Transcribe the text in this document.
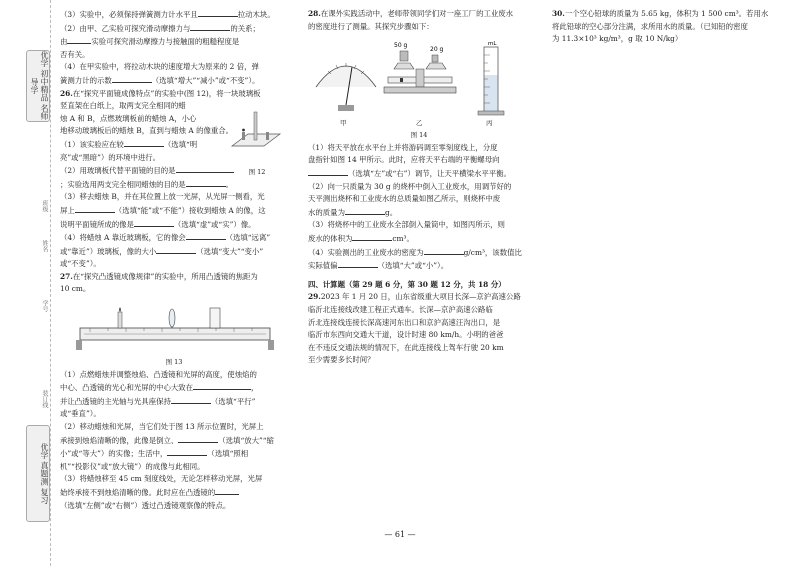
优学 初中精品 名师导学
班级
姓名
学号
装订线
优学 真题测 复习

（3）实验中，必须保持弹簧测力计水平且	拉动木块。

（2）由甲、乙实验可探究滑动摩擦力与	的关系；

由	实验可探究滑动摩擦力与接触面的粗糙程度是

否有关。

（4）在甲实验中，将拉动木块的速度增大为原来的 2 倍，弹

簧测力计的示数	（选填“增大”“减小”或“不变”）。

26.在“探究平面镜成像特点”的实验中(图 12)，将一块玻璃板

竖直架在白纸上，取两支完全相同的蜡

烛 A 和 B，点燃玻璃板前的蜡烛 A，小心

地移动玻璃板后的蜡烛 B，直到与蜡烛 A 的像重合。

（1）该实验应在较	（选填“明

亮”或“黑暗”）的环境中进行。

图 12

（2）用玻璃板代替平面镜的目的是

；实验选用两支完全相同蜡烛的目的是	。

（3）移去蜡烛 B，并在其位置上放一光屏，从光屏一侧看，光

屏上	（选填“能”或“不能”）接收到蜡烛 A 的像，这

说明平面镜所成的像是	（选填“虚”或“实”）像。

（4）将蜡烛 A 靠近玻璃板，它的像会	（选填“远离”

或“靠近”）玻璃板，像的大小	（选填“变大”“变小”

或“不变”）。

27.在“探究凸透镜成像规律”的实验中，所用凸透镜的焦距为

10 cm。

图 13

（1）点燃蜡烛并调整烛焰、凸透镜和光屏的高度，使烛焰的

中心、凸透镜的光心和光屏的中心大致在	，

并让凸透镜的主光轴与光具座保持	（选填“平行”

或“垂直”）。

（2）移动蜡烛和光屏，当它们处于图 13 所示位置时，光屏上

承接到烛焰清晰的像，此像是倒立、	（选填“放大”“缩

小”或“等大”）的实像；生活中，	（选填“照相

机”“投影仪”或“放大镜”）的成像与此相同。

（3）将蜡烛移至 45 cm 刻度线处，无论怎样移动光屏，光屏

始终承接不到烛焰清晰的像。此时应在凸透镜的

（选填“左侧”或“右侧”）透过凸透镜观察像的特点。

28.在课外实践活动中，老师带领同学们对一座工厂的工业废水

的密度进行了测量。其探究步骤如下：

50 g
20 g
mL
甲	乙	丙

图 14

（1）将天平放在水平台上并将游码调至零刻度线上，分度

盘指针如图 14 甲所示。此时，应将天平右端的平衡螺母向

（选填“左”或“右”）调节，让天平横梁水平平衡。

（2）向一只质量为 30 g 的烧杯中倒入工业废水，用调节好的

天平测出烧杯和工业废水的总质量如图乙所示，则烧杯中废

水的质量为	g。

（3）将烧杯中的工业废水全部倒入量筒中，如图丙所示，则

废水的体积为	cm³。

（4）实验测出的工业废水的密度为	g/cm³，该数值比

实际值偏	（选填“大”或“小”）。

四、计算题（第 29 题 6 分，第 30 题 12 分，共 18 分）

29.2023 年 1 月 20 日，山东省级重大项目长深—京沪高速公路

临沂北连接线改建工程正式通车。长深—京沪高速公路临

沂北连接线连接长深高速河东出口和京沪高速汪沟出口，是

临沂市东西向交通大干道，设计时速 80 km/h。小明的爸爸

在不违反交通法规的情况下，在此连接线上驾车行驶 20 km

至少需要多长时间？

30.一个空心铅球的质量为 5.65 kg，体积为 1 500 cm³。若用水

将此铅球的空心部分注满，求所用水的质量。（已知铅的密度

为 11.3×10³ kg/m³，g 取 10 N/kg）

— 61 —
